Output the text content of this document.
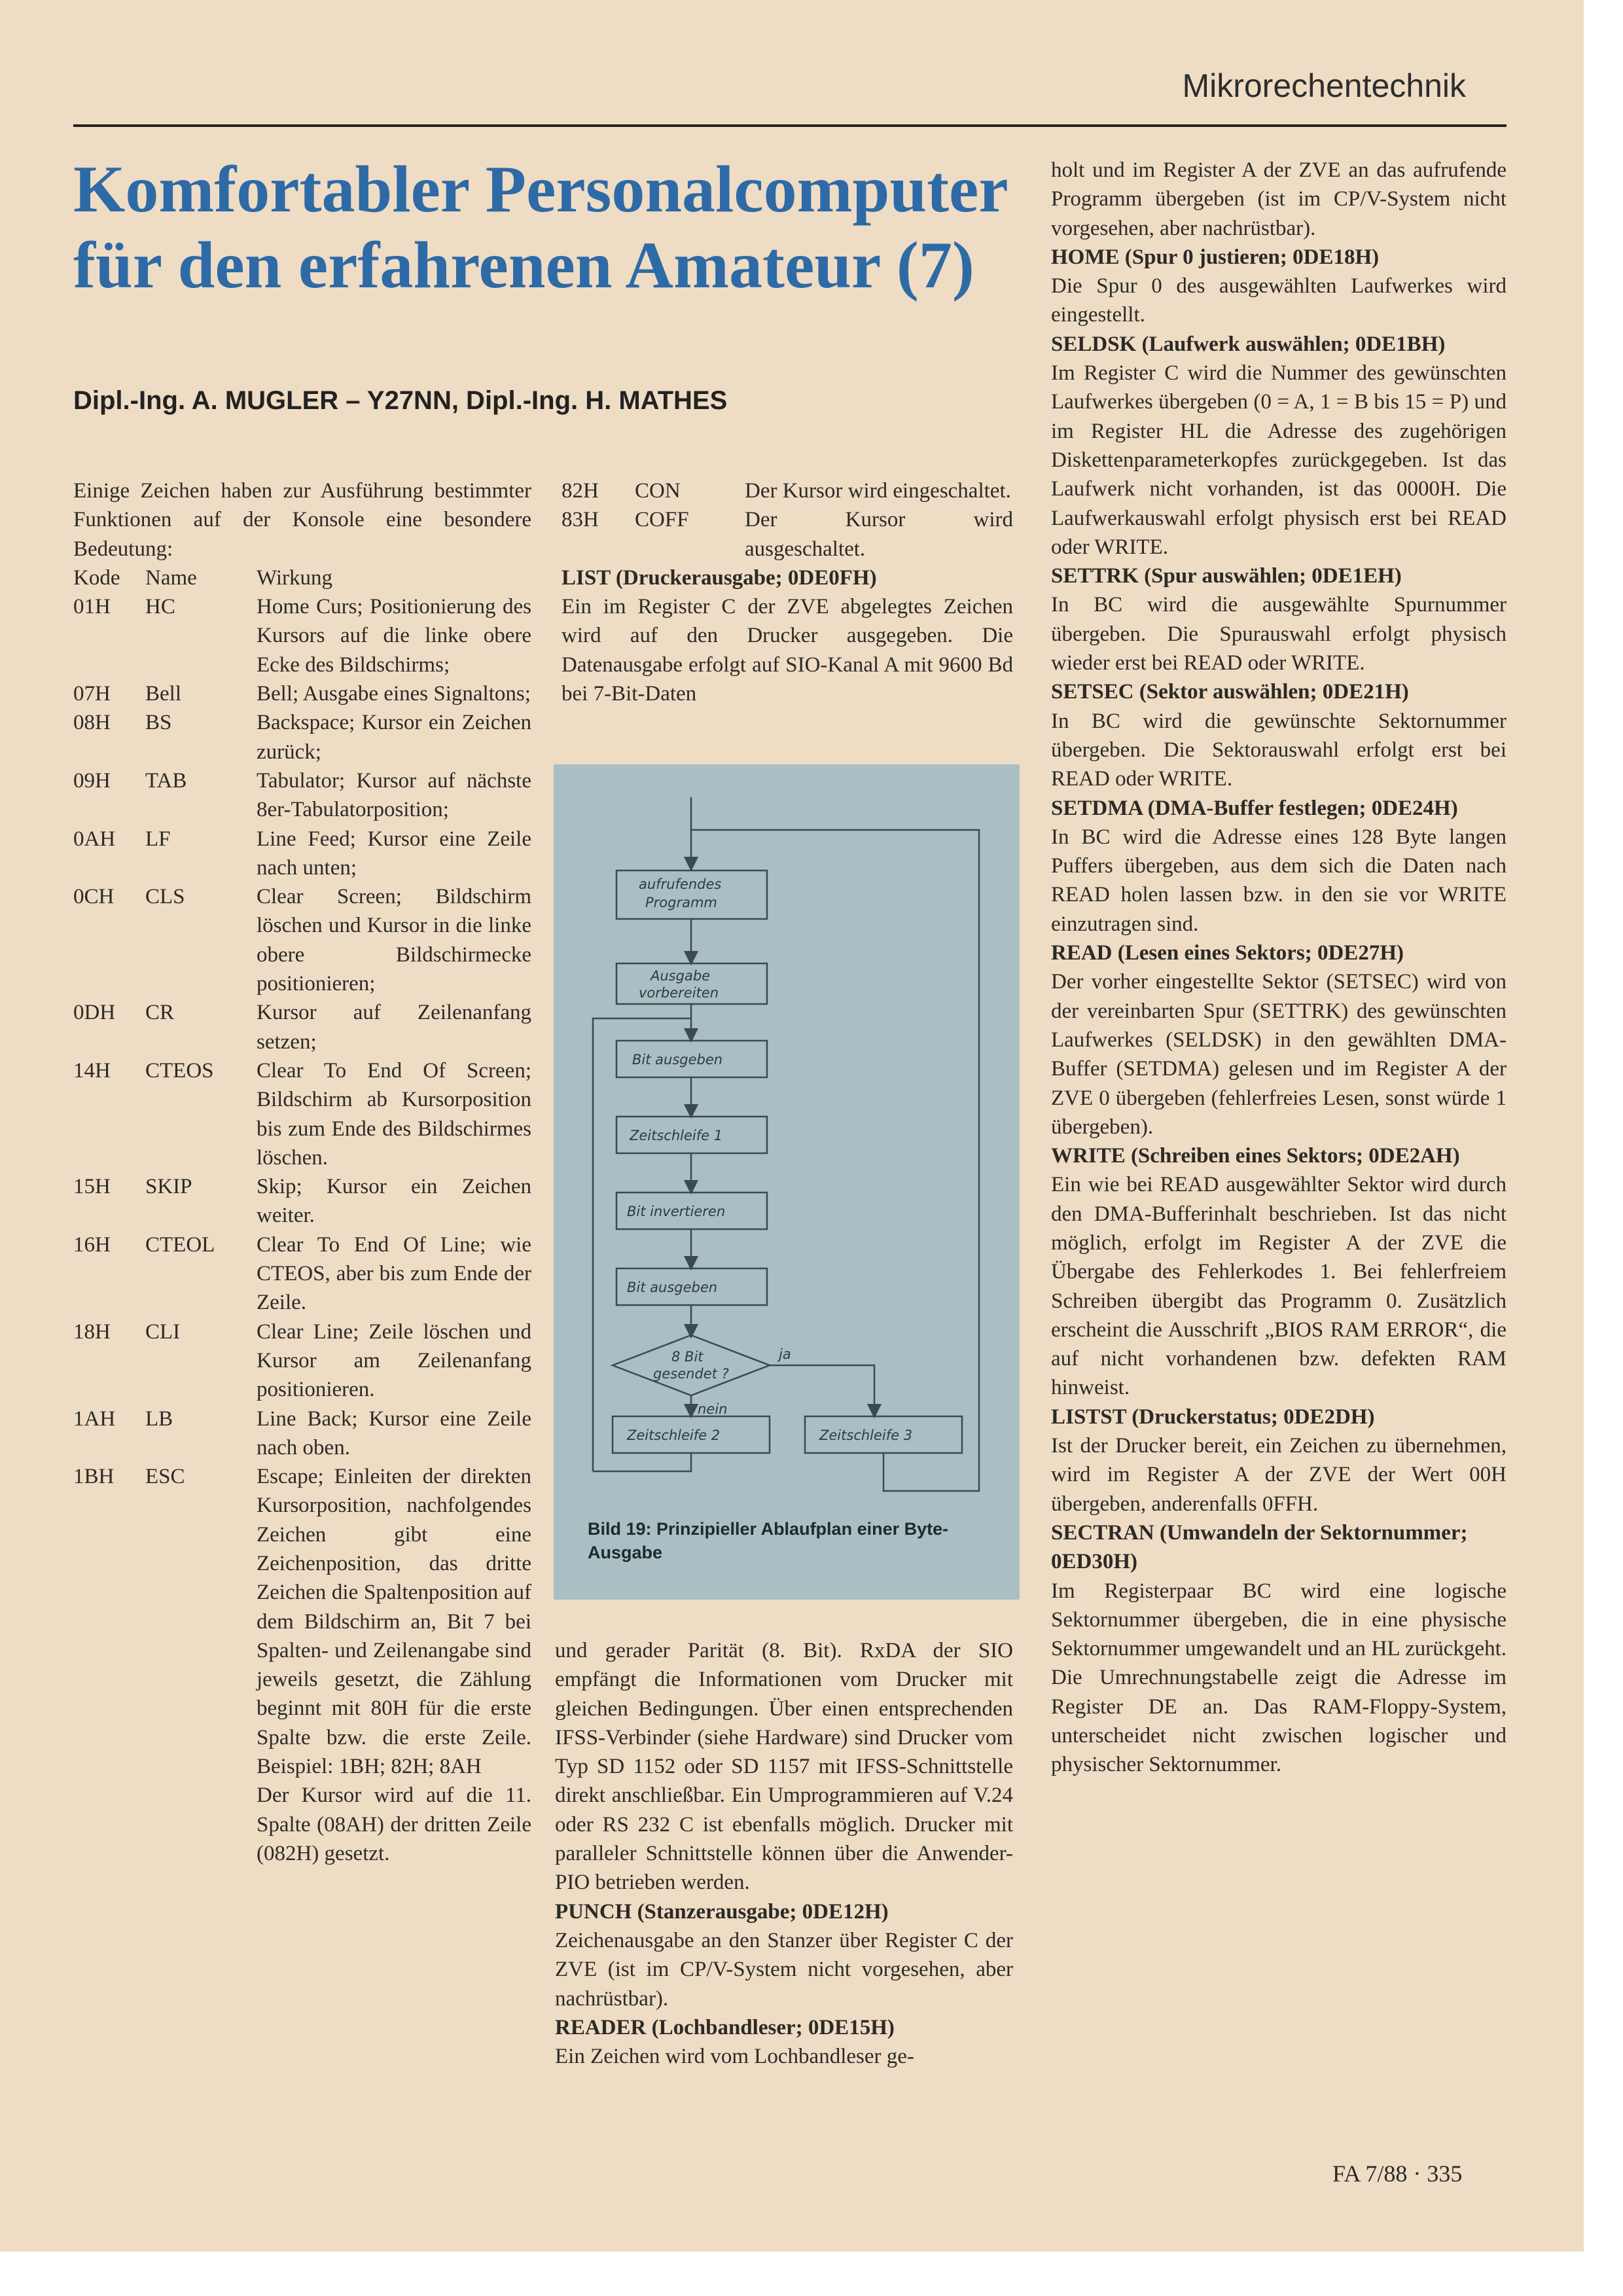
Mikrorechentechnik
Komfortabler Personalcomputer
für den erfahrenen Amateur (7)
Dipl.-Ing. A. MUGLER – Y27NN, Dipl.-Ing. H. MATHES

Einige Zeichen haben zur Ausführung bestimmter Funktionen auf der Konsole eine besondere Bedeutung:

Kode	Name	Wirkung
01H	HC	Home Curs; Positionierung des Kursors auf die linke obere Ecke des Bildschirms;
07H	Bell	Bell; Ausgabe eines Signaltons;
08H	BS	Backspace; Kursor ein Zeichen zurück;
09H	TAB	Tabulator; Kursor auf nächste 8er-Tabulatorposition;
0AH	LF	Line Feed; Kursor eine Zeile nach unten;
0CH	CLS	Clear Screen; Bildschirm löschen und Kursor in die linke obere Bildschirmecke positionieren;
0DH	CR	Kursor auf Zeilenanfang setzen;
14H	CTEOS	Clear To End Of Screen; Bildschirm ab Kursorposition bis zum Ende des Bildschirmes löschen.
15H	SKIP	Skip; Kursor ein Zeichen weiter.
16H	CTEOL	Clear To End Of Line; wie CTEOS, aber bis zum Ende der Zeile.
18H	CLI	Clear Line; Zeile löschen und Kursor am Zeilenanfang positionieren.
1AH	LB	Line Back; Kursor eine Zeile nach oben.
1BH	ESC	Escape; Einleiten der direkten Kursorposition, nachfolgendes Zeichen gibt eine Zeichenposition, das dritte Zeichen die Spaltenposition auf dem Bildschirm an, Bit 7 bei Spalten- und Zeilenangabe sind jeweils gesetzt, die Zählung beginnt mit 80H für die erste Spalte bzw. die erste Zeile. Beispiel: 1BH; 82H; 8AH

Der Kursor wird auf die 11. Spalte (08AH) der dritten Zeile (082H) gesetzt.

82H	CON	Der Kursor wird eingeschaltet.
83H	COFF	Der Kursor wird ausgeschaltet.
LIST (Druckerausgabe; 0DE0FH)

Ein im Register C der ZVE abgelegtes Zeichen wird auf den Drucker ausgegeben. Die Datenausgabe erfolgt auf SIO-Kanal A mit 9600 Bd bei 7-Bit-Daten

aufrufendes
Programm
Ausgabe
vorbereiten
Bit ausgeben
Zeitschleife 1
Bit invertieren
Bit ausgeben
8 Bit
gesendet ?
ja
nein
Zeitschleife 2	Zeitschleife 3

Bild 19: Prinzipieller Ablaufplan einer Byte-Ausgabe

und gerader Parität (8. Bit). RxDA der SIO empfängt die Informationen vom Drucker mit gleichen Bedingungen. Über einen entsprechenden IFSS-Verbinder (siehe Hardware) sind Drucker vom Typ SD 1152 oder SD 1157 mit IFSS-Schnittstelle direkt anschließbar. Ein Umprogrammieren auf V.24 oder RS 232 C ist ebenfalls möglich. Drucker mit paralleler Schnittstelle können über die Anwender-PIO betrieben werden.

PUNCH (Stanzerausgabe; 0DE12H)

Zeichenausgabe an den Stanzer über Register C der ZVE (ist im CP/V-System nicht vorgesehen, aber nachrüstbar).

READER (Lochbandleser; 0DE15H)

Ein Zeichen wird vom Lochbandleser ge-

holt und im Register A der ZVE an das aufrufende Programm übergeben (ist im CP/V-System nicht vorgesehen, aber nachrüstbar).

HOME (Spur 0 justieren; 0DE18H)

Die Spur 0 des ausgewählten Laufwerkes wird eingestellt.

SELDSK (Laufwerk auswählen; 0DE1BH)

Im Register C wird die Nummer des gewünschten Laufwerkes übergeben (0 = A, 1 = B bis 15 = P) und im Register HL die Adresse des zugehörigen Diskettenparameterkopfes zurückgegeben. Ist das Laufwerk nicht vorhanden, ist das 0000H. Die Laufwerkauswahl erfolgt physisch erst bei READ oder WRITE.

SETTRK (Spur auswählen; 0DE1EH)

In BC wird die ausgewählte Spurnummer übergeben. Die Spurauswahl erfolgt physisch wieder erst bei READ oder WRITE.

SETSEC (Sektor auswählen; 0DE21H)

In BC wird die gewünschte Sektornummer übergeben. Die Sektorauswahl erfolgt erst bei READ oder WRITE.

SETDMA (DMA-Buffer festlegen; 0DE24H)

In BC wird die Adresse eines 128 Byte langen Puffers übergeben, aus dem sich die Daten nach READ holen lassen bzw. in den sie vor WRITE einzutragen sind.

READ (Lesen eines Sektors; 0DE27H)

Der vorher eingestellte Sektor (SETSEC) wird von der vereinbarten Spur (SETTRK) des gewünschten Laufwerkes (SELDSK) in den gewählten DMA-Buffer (SETDMA) gelesen und im Register A der ZVE 0 übergeben (fehlerfreies Lesen, sonst würde 1 übergeben).

WRITE (Schreiben eines Sektors; 0DE2AH)

Ein wie bei READ ausgewählter Sektor wird durch den DMA-Bufferinhalt beschrieben. Ist das nicht möglich, erfolgt im Register A der ZVE die Übergabe des Fehlerkodes 1. Bei fehlerfreiem Schreiben übergibt das Programm 0. Zusätzlich erscheint die Ausschrift „BIOS RAM ERROR“, die auf nicht vorhandenen bzw. defekten RAM hinweist.

LISTST (Druckerstatus; 0DE2DH)

Ist der Drucker bereit, ein Zeichen zu übernehmen, wird im Register A der ZVE der Wert 00H übergeben, anderenfalls 0FFH.

SECTRAN (Umwandeln der Sektornummer; 0ED30H)

Im Registerpaar BC wird eine logische Sektornummer übergeben, die in eine physische Sektornummer umgewandelt und an HL zurückgeht. Die Umrechnungstabelle zeigt die Adresse im Register DE an. Das RAM-Floppy-System, unterscheidet nicht zwischen logischer und physischer Sektornummer.

FA 7/88 · 335
